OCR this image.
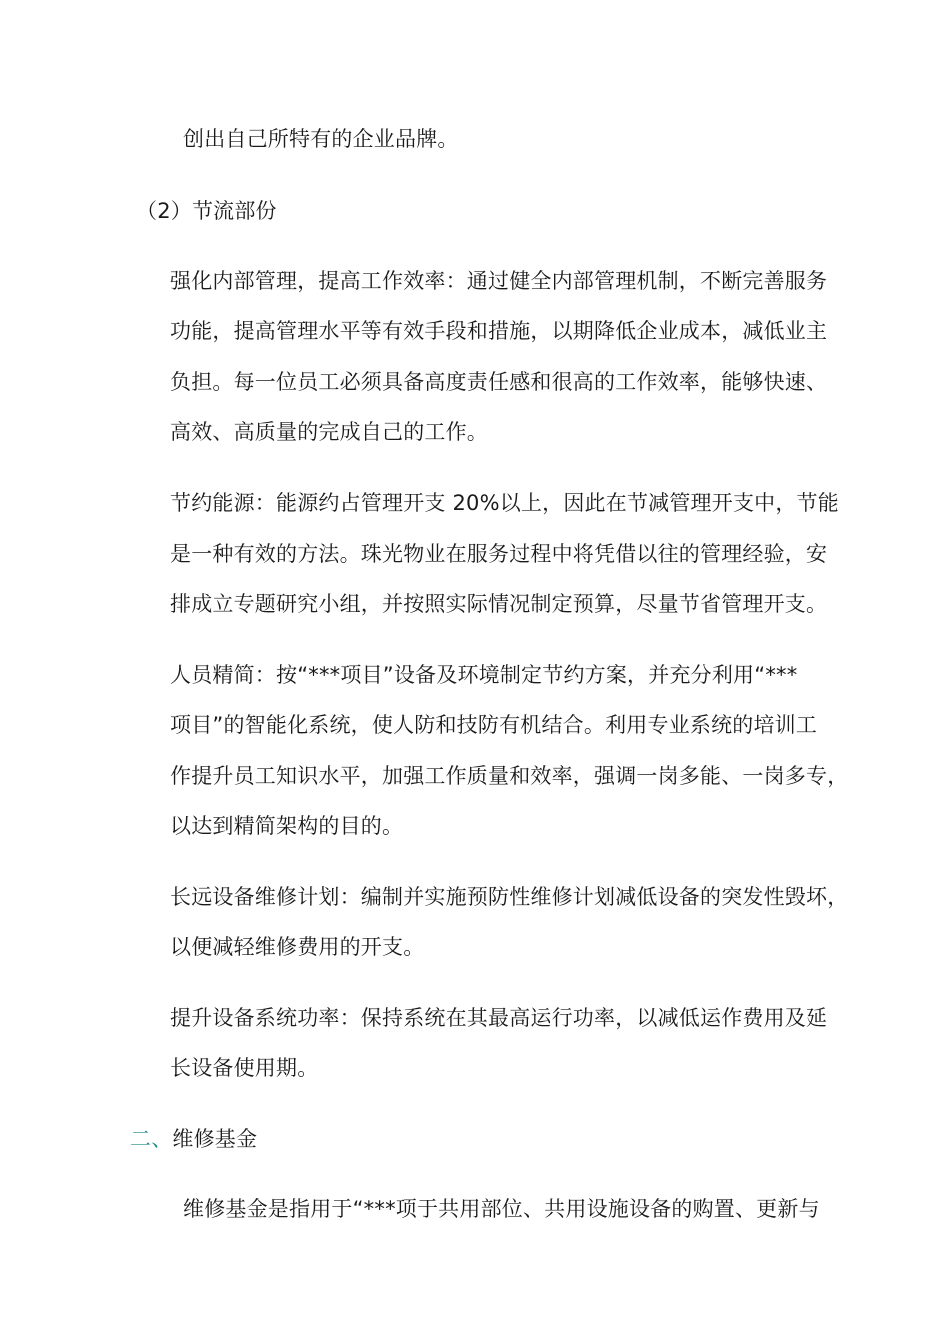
创出自己所特有的企业品牌。
（2）节流部份
强化内部管理，提高工作效率：通过健全内部管理机制，不断完善服务
功能，提高管理水平等有效手段和措施，以期降低企业成本，减低业主
负担。每一位员工必须具备高度责任感和很高的工作效率，能够快速、
高效、高质量的完成自己的工作。
节约能源：能源约占管理开支 20%以上，因此在节减管理开支中，节能
是一种有效的方法。珠光物业在服务过程中将凭借以往的管理经验，安
排成立专题研究小组，并按照实际情况制定预算，尽量节省管理开支。
人员精简：按“***项目”设备及环境制定节约方案，并充分利用“***
项目”的智能化系统，使人防和技防有机结合。利用专业系统的培训工
作提升员工知识水平，加强工作质量和效率，强调一岗多能、一岗多专，
以达到精简架构的目的。
长远设备维修计划：编制并实施预防性维修计划减低设备的突发性毁坏，
以便减轻维修费用的开支。
提升设备系统功率：保持系统在其最高运行功率，以减低运作费用及延
长设备使用期。
二、维修基金
维修基金是指用于“***项于共用部位、共用设施设备的购置、更新与
